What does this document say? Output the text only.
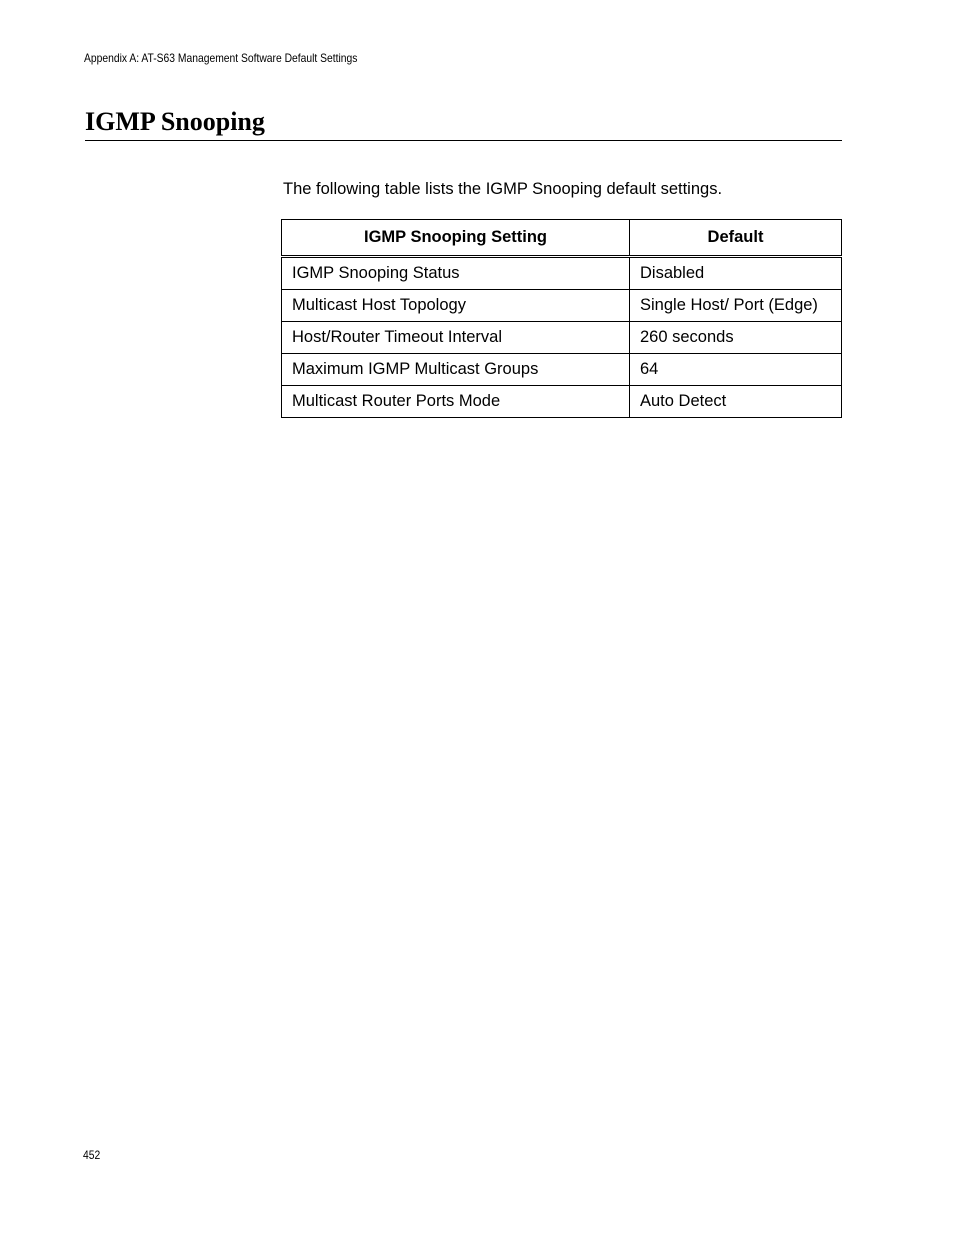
Appendix A: AT-S63 Management Software Default Settings
IGMP Snooping

The following table lists the IGMP Snooping default settings.

IGMP Snooping Setting	Default
IGMP Snooping Status	Disabled
Multicast Host Topology	Single Host/ Port (Edge)
Host/Router Timeout Interval	260 seconds
Maximum IGMP Multicast Groups	64
Multicast Router Ports Mode	Auto Detect
452
